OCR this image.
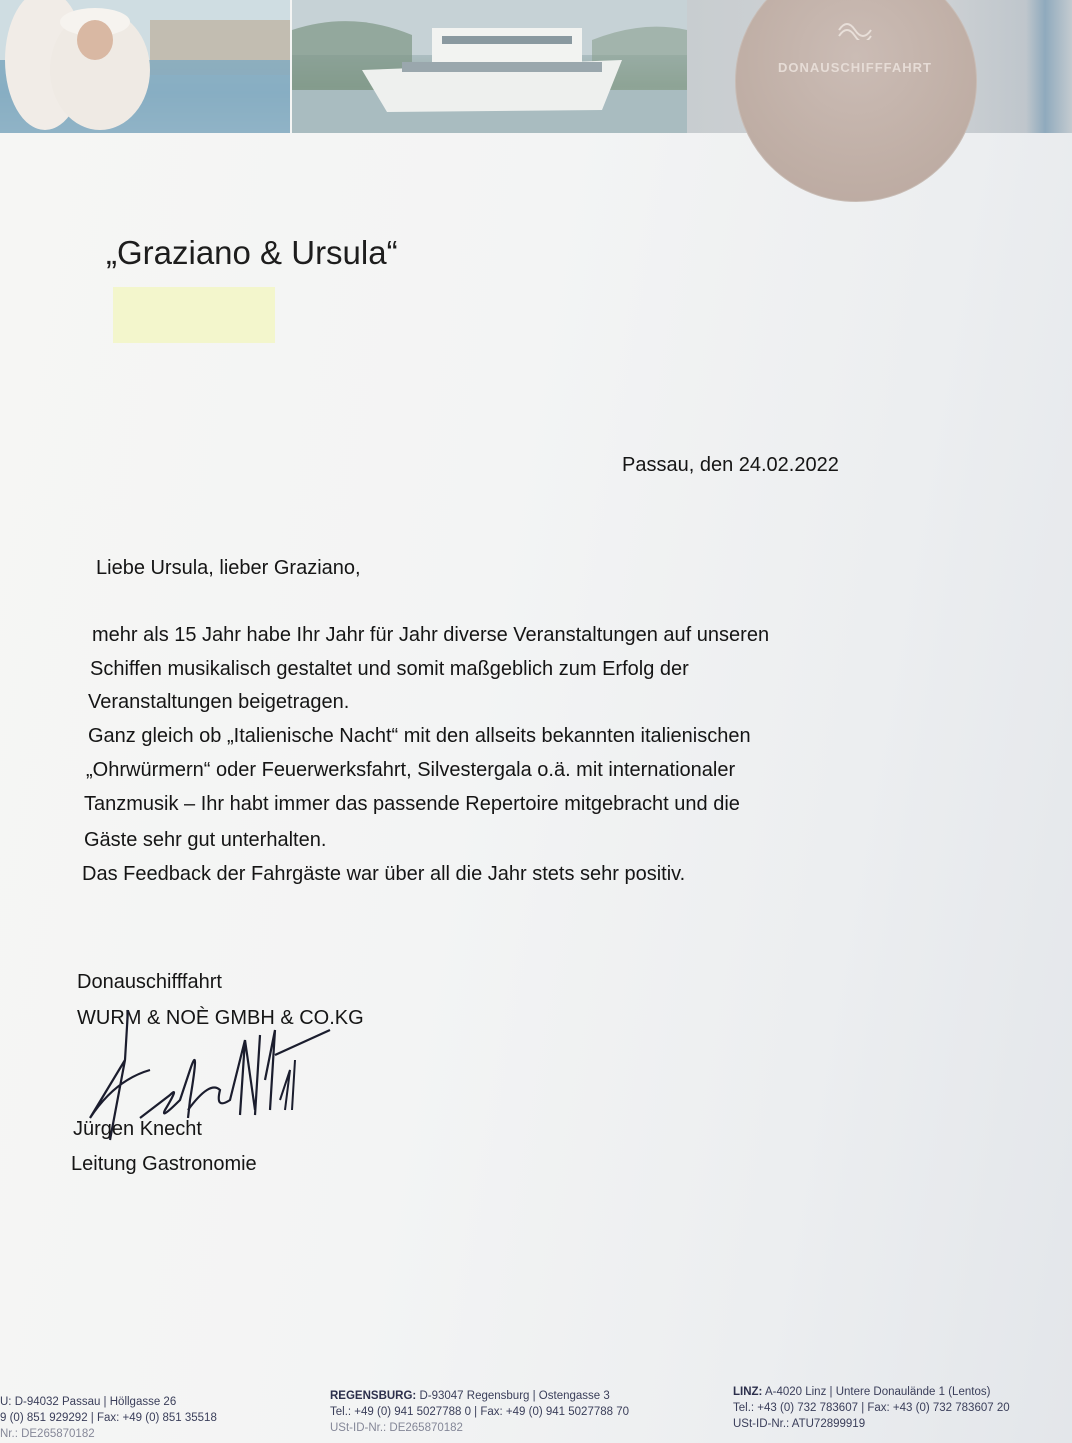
DONAUSCHIFFFAHRT
„Graziano & Ursula“
Passau, den 24.02.2022
Liebe Ursula, lieber Graziano,
mehr als 15 Jahr habe Ihr Jahr für Jahr diverse Veranstaltungen auf unseren
Schiffen musikalisch gestaltet und somit maßgeblich zum Erfolg der
Veranstaltungen beigetragen.
Ganz gleich ob „Italienische Nacht“ mit den allseits bekannten italienischen
„Ohrwürmern“ oder Feuerwerksfahrt, Silvestergala o.ä. mit internationaler
Tanzmusik – Ihr habt immer das passende Repertoire mitgebracht und die
Gäste sehr gut unterhalten.
Das Feedback der Fahrgäste war über all die Jahr stets sehr positiv.
Donauschifffahrt
WURM & NOÈ GMBH & CO.KG
Jürgen Knecht
Leitung Gastronomie
U: D-94032 Passau | Höllgasse 26
9 (0) 851 929292 | Fax: +49 (0) 851 35518
Nr.: DE265870182
REGENSBURG: D-93047 Regensburg | Ostengasse 3
Tel.: +49 (0) 941 5027788 0 | Fax: +49 (0) 941 5027788 70
USt-ID-Nr.: DE265870182
LINZ: A-4020 Linz | Untere Donaulände 1 (Lentos)
Tel.: +43 (0) 732 783607 | Fax: +43 (0) 732 783607 20
USt-ID-Nr.: ATU72899919
